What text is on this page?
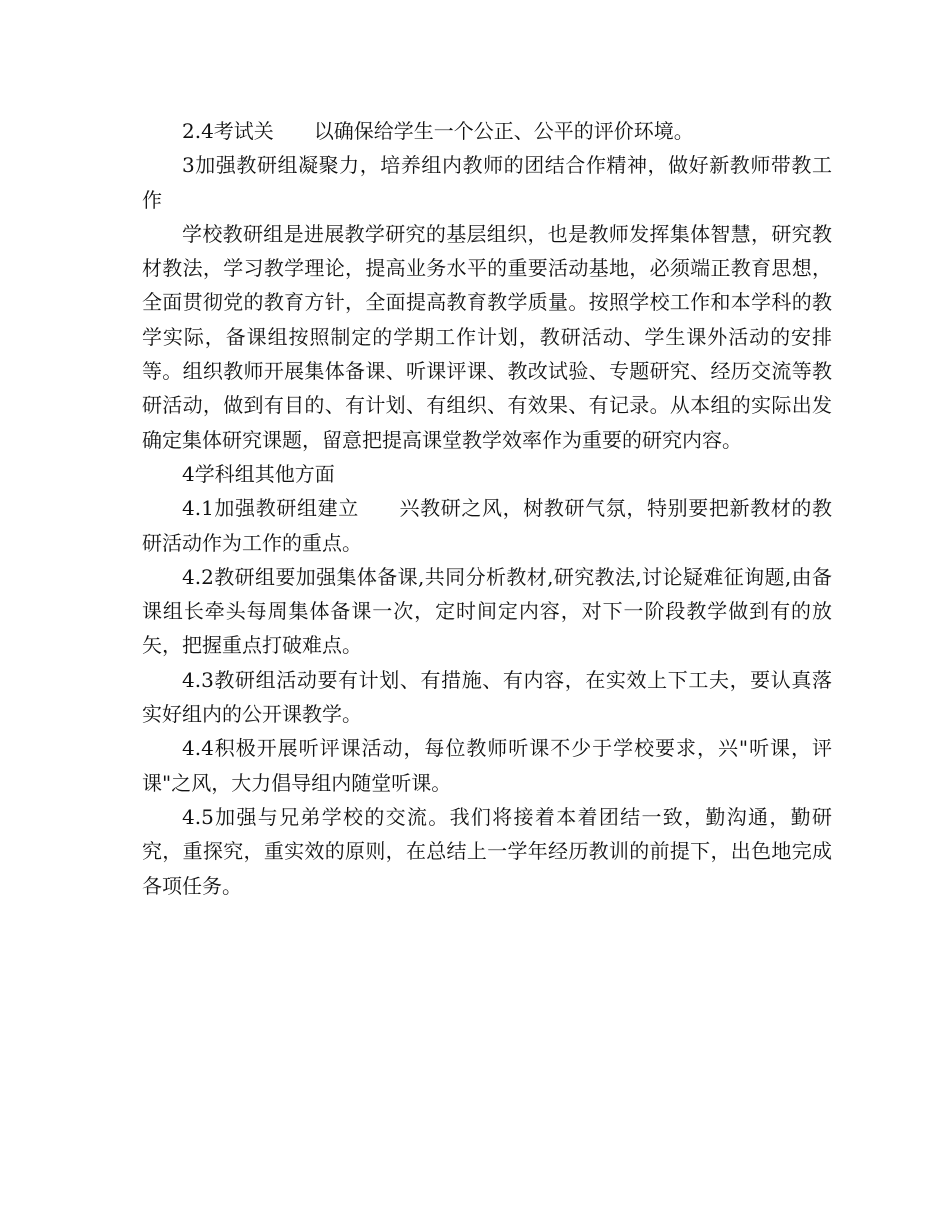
2.4考试关 以确保给学生一个公正、公平的评价环境。

3加强教研组凝聚力，培养组内教师的团结合作精神，做好新教师带教工作

学校教研组是进展教学研究的基层组织，也是教师发挥集体智慧，研究教材教法，学习教学理论，提高业务水平的重要活动基地，必须端正教育思想，全面贯彻党的教育方针，全面提高教育教学质量。按照学校工作和本学科的教学实际，备课组按照制定的学期工作计划，教研活动、学生课外活动的安排等。组织教师开展集体备课、听课评课、教改试验、专题研究、经历交流等教研活动，做到有目的、有计划、有组织、有效果、有记录。从本组的实际出发确定集体研究课题，留意把提高课堂教学效率作为重要的研究内容。

4学科组其他方面

4.1加强教研组建立 兴教研之风，树教研气氛，特别要把新教材的教研活动作为工作的重点。

4.2教研组要加强集体备课,共同分析教材,研究教法,讨论疑难征询题,由备课组长牵头每周集体备课一次，定时间定内容，对下一阶段教学做到有的放矢，把握重点打破难点。

4.3教研组活动要有计划、有措施、有内容，在实效上下工夫，要认真落实好组内的公开课教学。

4.4积极开展听评课活动，每位教师听课不少于学校要求，兴"听课，评课"之风，大力倡导组内随堂听课。

4.5加强与兄弟学校的交流。我们将接着本着团结一致，勤沟通，勤研究，重探究，重实效的原则，在总结上一学年经历教训的前提下，出色地完成各项任务。
